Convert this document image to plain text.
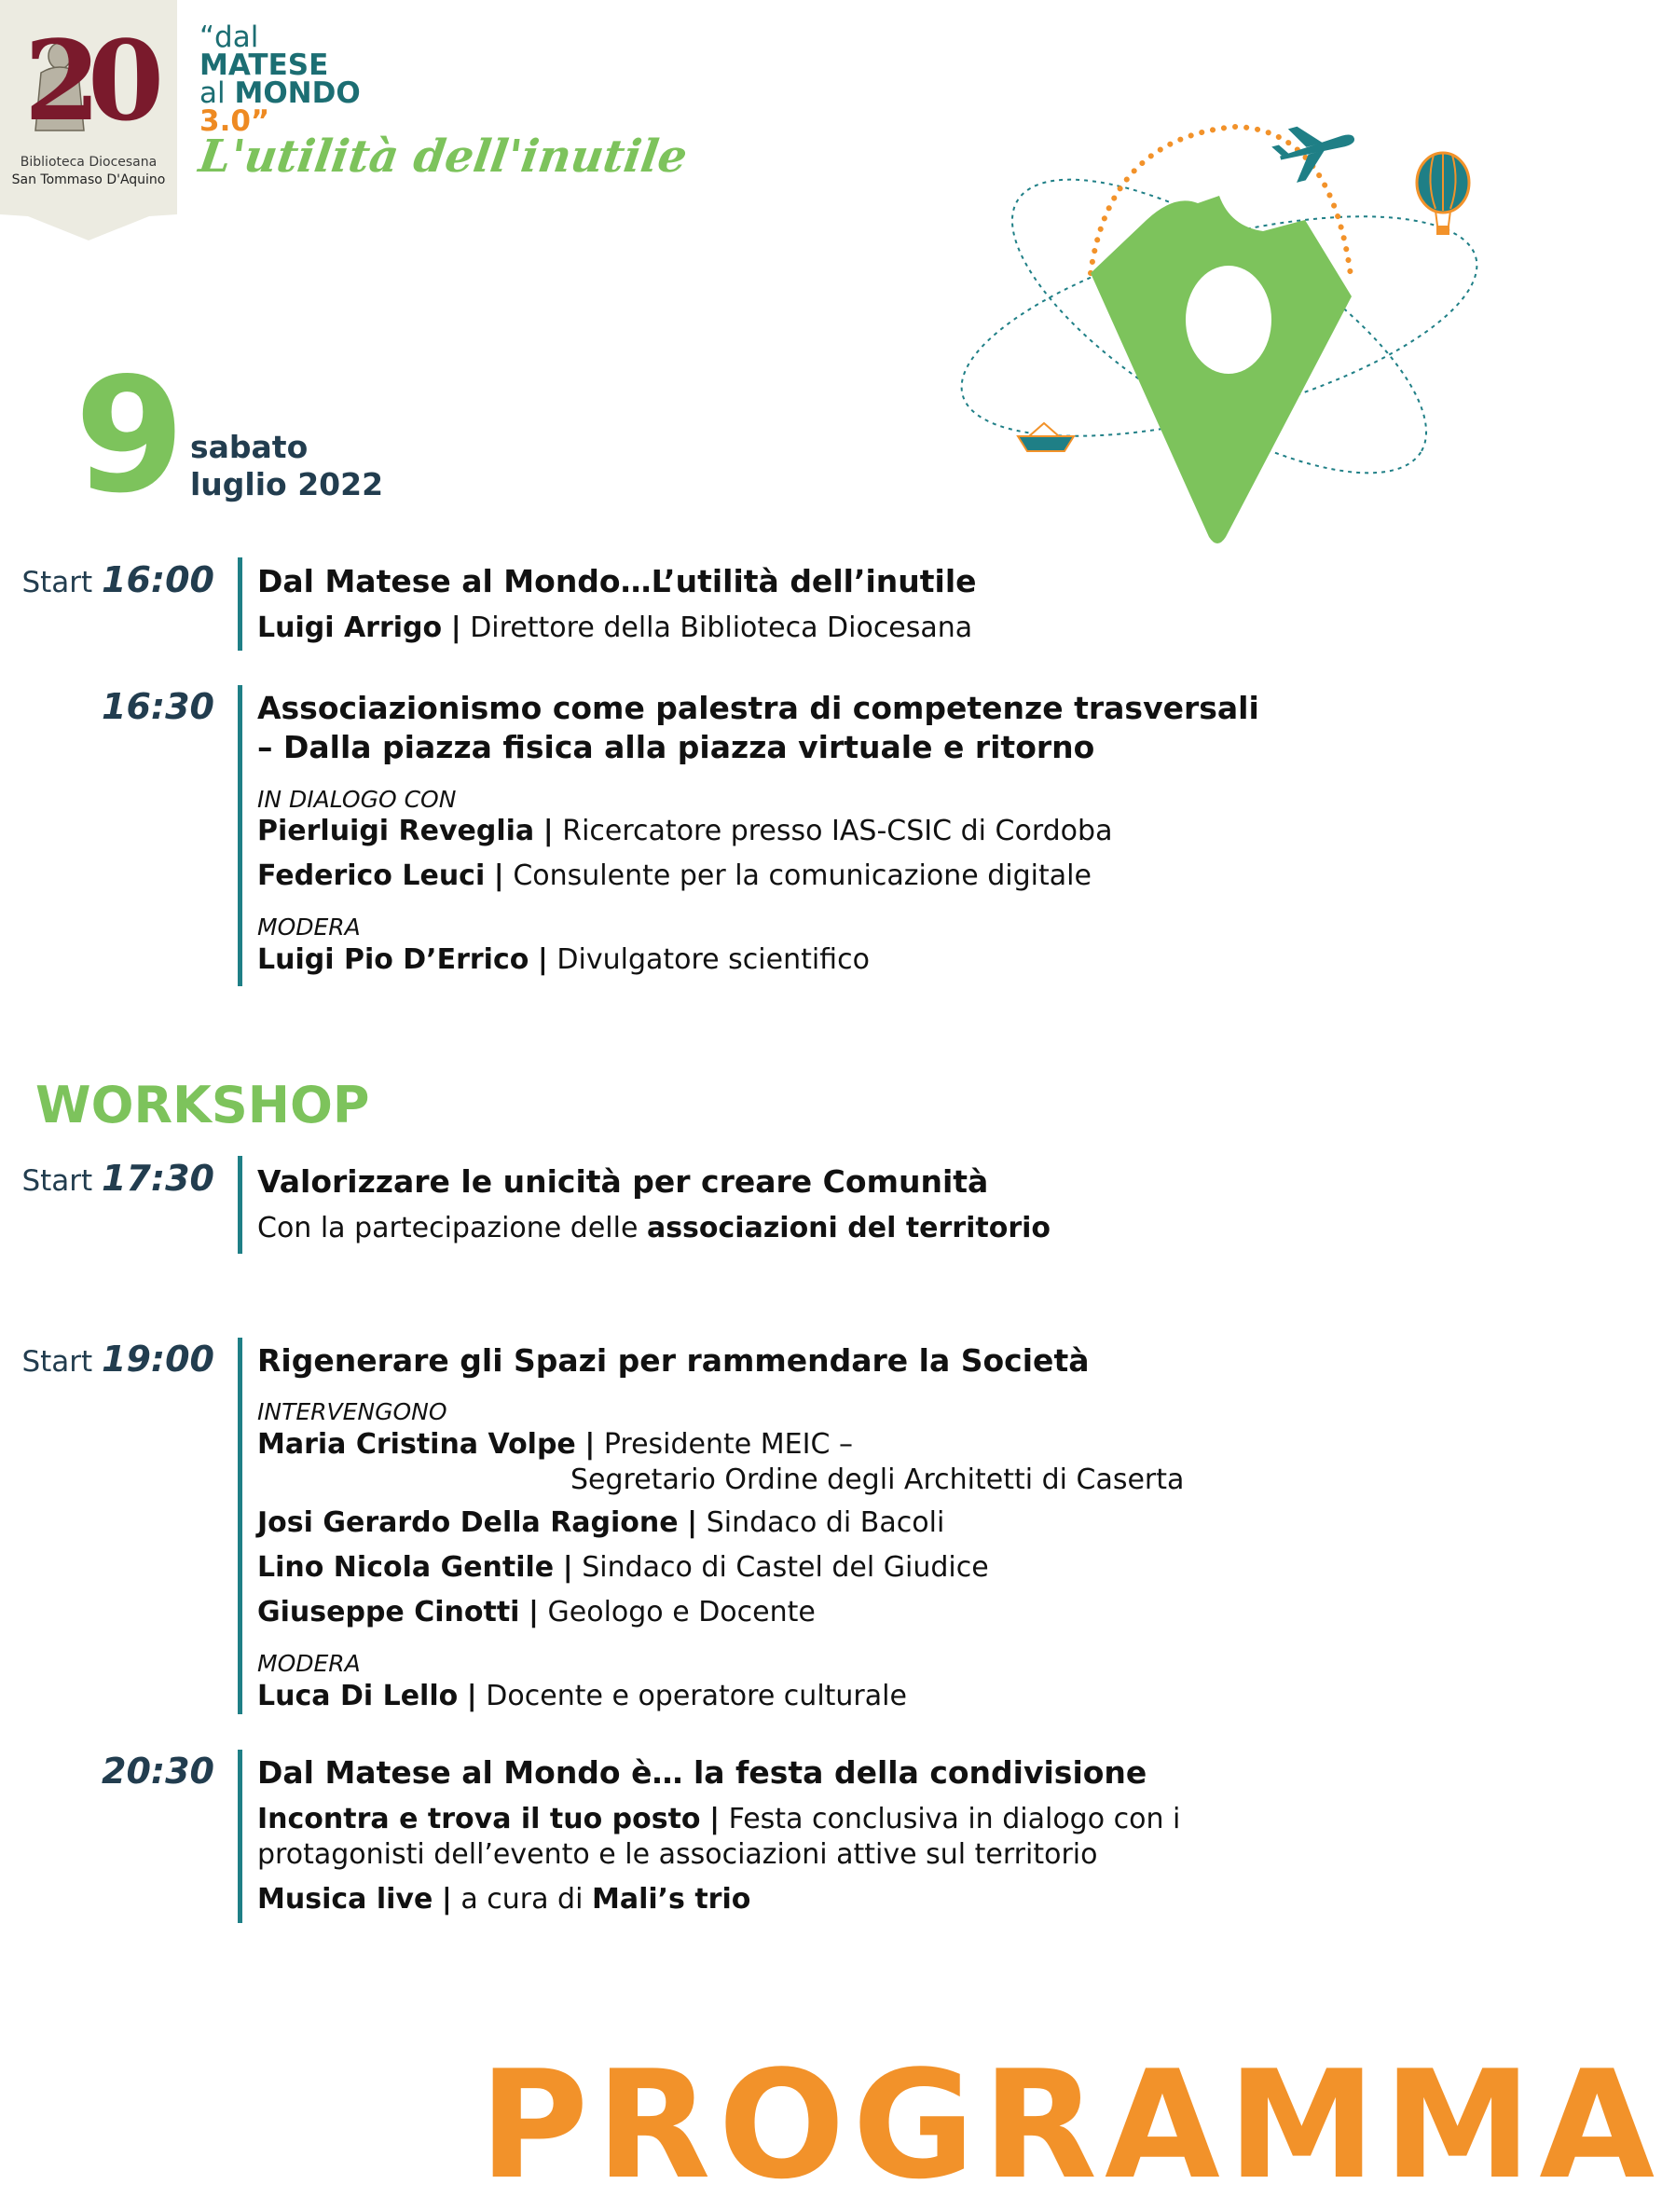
20
Biblioteca Diocesana
San Tommaso D'Aquino
“dal
MATESE
al MONDO
3.0”
L'utilità dell'inutile
9 sabato
luglio 2022
Start 16:00 Dal Matese al Mondo…L’utilità dell’inutile
Luigi Arrigo | Direttore della Biblioteca Diocesana
16:30 Associazionismo come palestra di competenze trasversali
– Dalla piazza fisica alla piazza virtuale e ritorno
IN DIALOGO CON
Pierluigi Reveglia | Ricercatore presso IAS-CSIC di Cordoba
Federico Leuci | Consulente per la comunicazione digitale
MODERA
Luigi Pio D’Errico | Divulgatore scientifico
WORKSHOP
Start 17:30 Valorizzare le unicità per creare Comunità
Con la partecipazione delle associazioni del territorio
Start 19:00 Rigenerare gli Spazi per rammendare la Società
INTERVENGONO
Maria Cristina Volpe | Presidente MEIC –
Segretario Ordine degli Architetti di Caserta
Josi Gerardo Della Ragione | Sindaco di Bacoli
Lino Nicola Gentile | Sindaco di Castel del Giudice
Giuseppe Cinotti | Geologo e Docente
MODERA
Luca Di Lello | Docente e operatore culturale
20:30 Dal Matese al Mondo è… la festa della condivisione
Incontra e trova il tuo posto | Festa conclusiva in dialogo con i
protagonisti dell’evento e le associazioni attive sul territorio
Musica live | a cura di Mali’s trio
PROGRAMMA
